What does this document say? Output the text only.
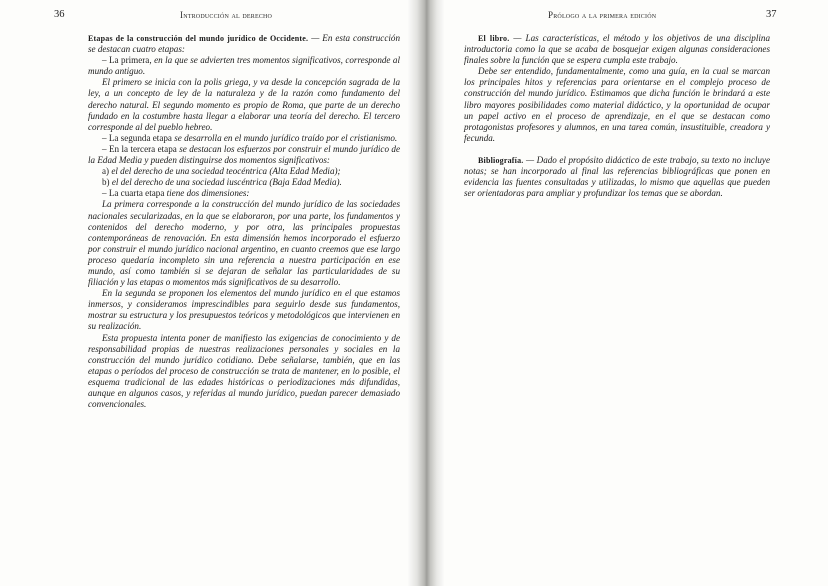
36	Introducción al derecho

Etapas de la construcción del mundo jurídico de Occidente. — En esta construcción se destacan cuatro etapas:

– La primera, en la que se advierten tres momentos significativos, corresponde al mundo antiguo.

El primero se inicia con la polis griega, y va desde la concepción sagrada de la ley, a un concepto de ley de la naturaleza y de la razón como fundamento del derecho natural. El segundo momento es propio de Roma, que parte de un derecho fundado en la costumbre hasta llegar a elaborar una teoría del derecho. El tercero corresponde al del pueblo hebreo.

– La segunda etapa se desarrolla en el mundo jurídico traído por el cristianismo.

– En la tercera etapa se destacan los esfuerzos por construir el mundo jurídico de la Edad Media y pueden distinguirse dos momentos significativos:

a) el del derecho de una sociedad teocéntrica (Alta Edad Media);

b) el del derecho de una sociedad iuscéntrica (Baja Edad Media).

– La cuarta etapa tiene dos dimensiones:

La primera corresponde a la construcción del mundo jurídico de las sociedades nacionales secularizadas, en la que se elaboraron, por una parte, los fundamentos y contenidos del derecho moderno, y por otra, las principales propuestas contemporáneas de renovación. En esta dimensión hemos incorporado el esfuerzo por construir el mundo jurídico nacional argentino, en cuanto creemos que ese largo proceso quedaría incompleto sin una referencia a nuestra participación en ese mundo, así como también si se dejaran de señalar las particularidades de su filiación y las etapas o momentos más significativos de su desarrollo.

En la segunda se proponen los elementos del mundo jurídico en el que estamos inmersos, y consideramos imprescindibles para seguirlo desde sus fundamentos, mostrar su estructura y los presupuestos teóricos y metodológicos que intervienen en su realización.

Esta propuesta intenta poner de manifiesto las exigencias de conocimiento y de responsabilidad propias de nuestras realizaciones personales y sociales en la construcción del mundo jurídico cotidiano. Debe señalarse, también, que en las etapas o períodos del proceso de construcción se trata de mantener, en lo posible, el esquema tradicional de las edades históricas o periodizaciones más difundidas, aunque en algunos casos, y referidas al mundo jurídico, puedan parecer demasiado convencionales.

Prólogo a la primera edición	37

El libro. — Las características, el método y los objetivos de una disciplina introductoria como la que se acaba de bosquejar exigen algunas consideraciones finales sobre la función que se espera cumpla este trabajo.

Debe ser entendido, fundamentalmente, como una guía, en la cual se marcan los principales hitos y referencias para orientarse en el complejo proceso de construcción del mundo jurídico. Estimamos que dicha función le brindará a este libro mayores posibilidades como material didáctico, y la oportunidad de ocupar un papel activo en el proceso de aprendizaje, en el que se destacan como protagonistas profesores y alumnos, en una tarea común, insustituible, creadora y fecunda.

Bibliografía. — Dado el propósito didáctico de este trabajo, su texto no incluye notas; se han incorporado al final las referencias bibliográficas que ponen en evidencia las fuentes consultadas y utilizadas, lo mismo que aquellas que pueden ser orientadoras para ampliar y profundizar los temas que se abordan.
